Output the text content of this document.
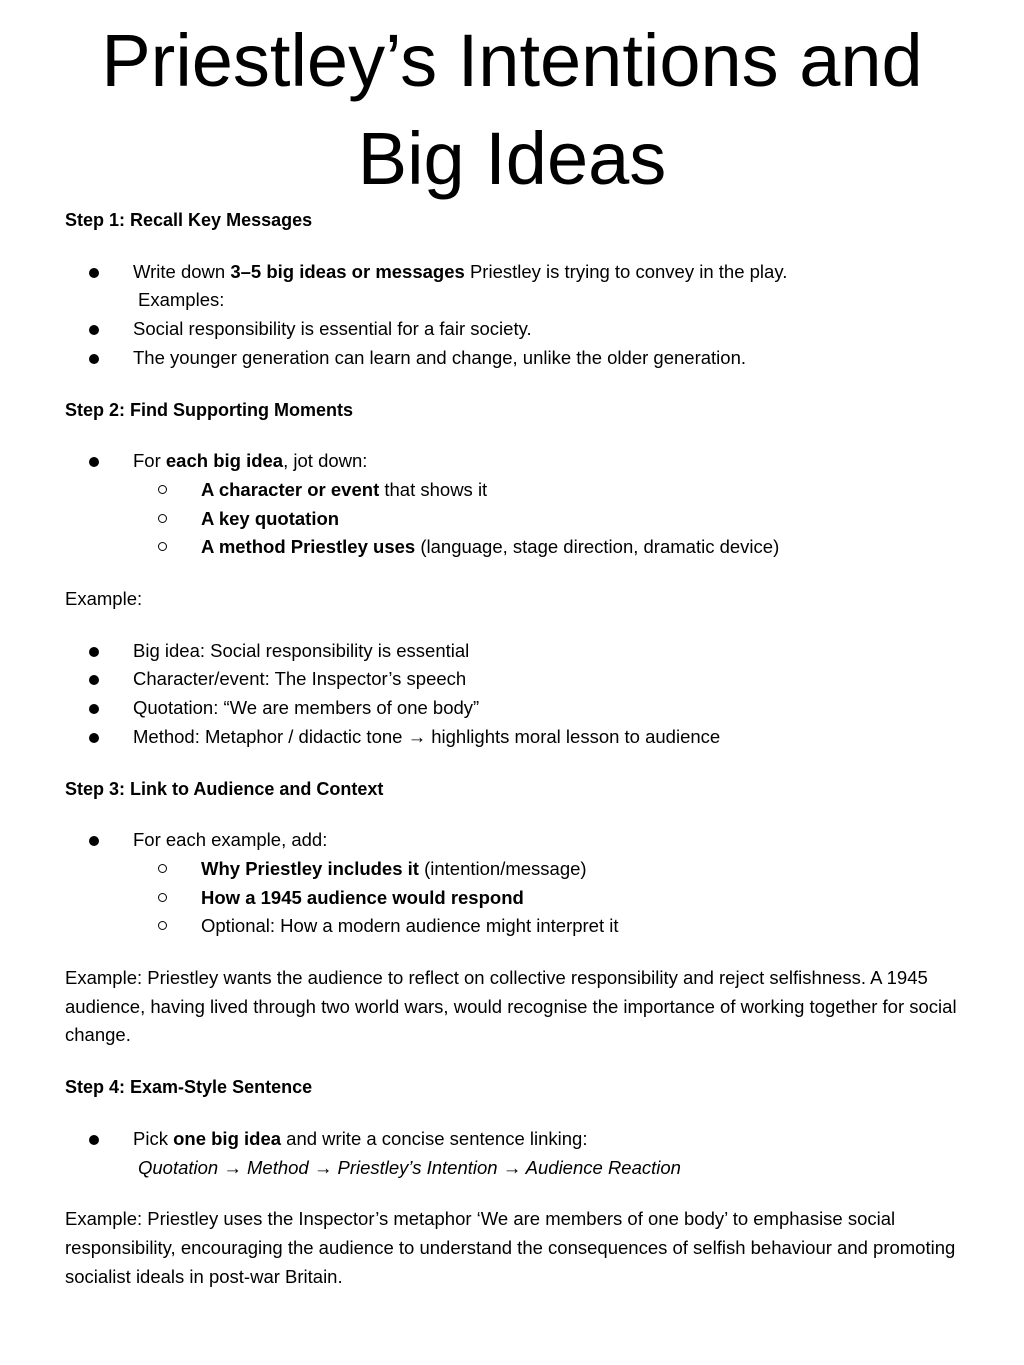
Priestley’s Intentions and
Big Ideas

Step 1: Recall Key Messages

Write down 3–5 big ideas or messages Priestley is trying to convey in the play.
Examples:
Social responsibility is essential for a fair society.
The younger generation can learn and change, unlike the older generation.

Step 2: Find Supporting Moments

For each big idea, jot down:
A character or event that shows it
A key quotation
A method Priestley uses (language, stage direction, dramatic device)

Example:

Big idea: Social responsibility is essential
Character/event: The Inspector’s speech
Quotation: “We are members of one body”
Method: Metaphor / didactic tone → highlights moral lesson to audience

Step 3: Link to Audience and Context

For each example, add:
Why Priestley includes it (intention/message)
How a 1945 audience would respond
Optional: How a modern audience might interpret it

Example: Priestley wants the audience to reflect on collective responsibility and reject selfishness. A 1945 audience, having lived through two world wars, would recognise the importance of working together for social change.

Step 4: Exam-Style Sentence

Pick one big idea and write a concise sentence linking:
Quotation → Method → Priestley’s Intention → Audience Reaction

Example: Priestley uses the Inspector’s metaphor ‘We are members of one body’ to emphasise social responsibility, encouraging the audience to understand the consequences of selfish behaviour and promoting socialist ideals in post-war Britain.
